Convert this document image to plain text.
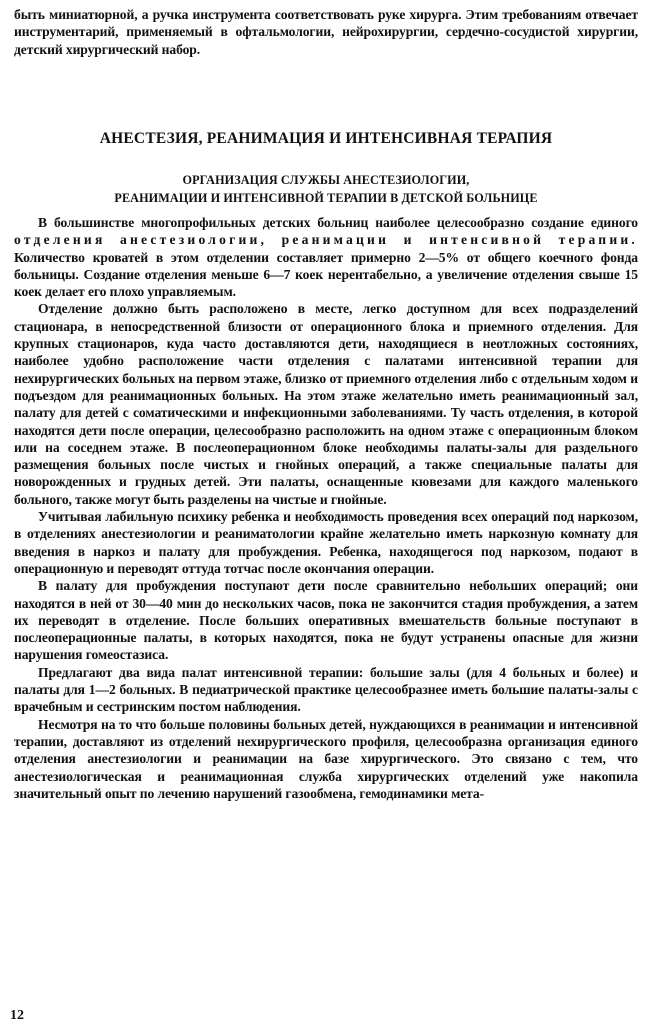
быть миниатюрной, а ручка инструмента соответствовать руке хирурга. Этим требованиям отвечает инструментарий, применяемый в офтальмологии, нейрохирургии, сердечно-сосудистой хирургии, детский хирургический набор.

АНЕСТЕЗИЯ, РЕАНИМАЦИЯ И ИНТЕНСИВНАЯ ТЕРАПИЯ
ОРГАНИЗАЦИЯ СЛУЖБЫ АНЕСТЕЗИОЛОГИИ,
РЕАНИМАЦИИ И ИНТЕНСИВНОЙ ТЕРАПИИ В ДЕТСКОЙ БОЛЬНИЦЕ

В большинстве многопрофильных детских больниц наиболее целесообразно создание единого отделения анестезиологии, реанимации и интенсивной терапии. Количество кроватей в этом отделении составляет примерно 2—5% от общего коечного фонда больницы. Создание отделения меньше 6—7 коек нерентабельно, а увеличение отделения свыше 15 коек делает его плохо управляемым.

Отделение должно быть расположено в месте, легко доступном для всех подразделений стационара, в непосредственной близости от операционного блока и приемного отделения. Для крупных стационаров, куда часто доставляются дети, находящиеся в неотложных состояниях, наиболее удобно расположение части отделения с палатами интенсивной терапии для нехирургических больных на первом этаже, близко от приемного отделения либо с отдельным ходом и подъездом для реанимационных больных. На этом этаже желательно иметь реанимационный зал, палату для детей с соматическими и инфекционными заболеваниями. Ту часть отделения, в которой находятся дети после операции, целесообразно расположить на одном этаже с операционным блоком или на соседнем этаже. В послеоперационном блоке необходимы палаты-залы для раздельного размещения больных после чистых и гнойных операций, а также специальные палаты для новорожденных и грудных детей. Эти палаты, оснащенные кювезами для каждого маленького больного, также могут быть разделены на чистые и гнойные.

Учитывая лабильную психику ребенка и необходимость проведения всех операций под наркозом, в отделениях анестезиологии и реаниматологии крайне желательно иметь наркозную комнату для введения в наркоз и палату для пробуждения. Ребенка, находящегося под наркозом, подают в операционную и переводят оттуда тотчас после окончания операции.

В палату для пробуждения поступают дети после сравнительно небольших операций; они находятся в ней от 30—40 мин до нескольких часов, пока не закончится стадия пробуждения, а затем их переводят в отделение. После больших оперативных вмешательств больные поступают в послеоперационные палаты, в которых находятся, пока не будут устранены опасные для жизни нарушения гомеостазиса.

Предлагают два вида палат интенсивной терапии: большие залы (для 4 больных и более) и палаты для 1—2 больных. В педиатрической практике целесообразнее иметь большие палаты-залы с врачебным и сестринским постом наблюдения.

Несмотря на то что больше половины больных детей, нуждающихся в реанимации и интенсивной терапии, доставляют из отделений нехирургического профиля, целесообразна организация единого отделения анестезиологии и реанимации на базе хирургического. Это связано с тем, что анестезиологическая и реанимационная служба хирургических отделений уже накопила значительный опыт по лечению нарушений газообмена, гемодинамики мета-

12
